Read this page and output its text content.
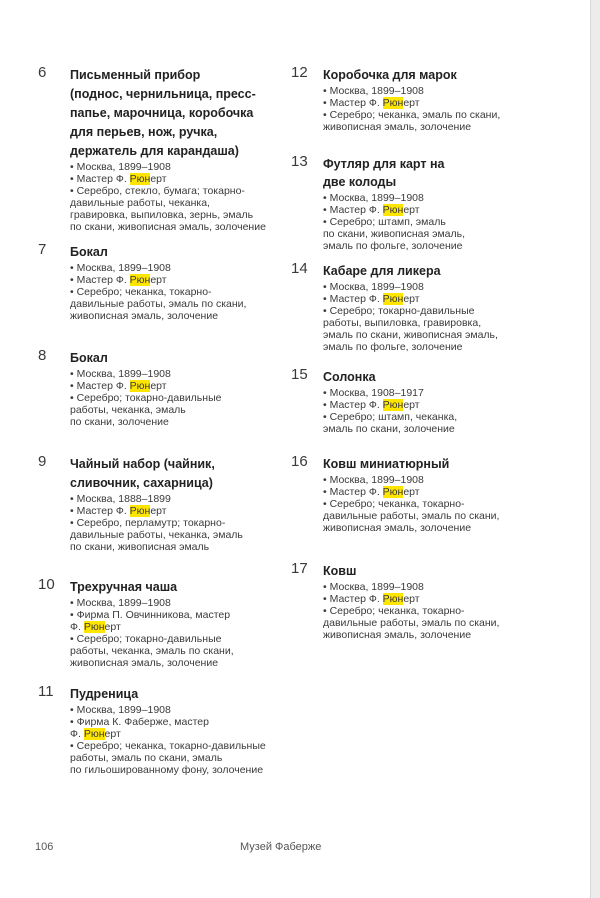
6 Письменный прибор
(поднос, чернильница, пресс-
папье, марочница, коробочка
для перьев, нож, ручка,
держатель для карандаша)
• Москва, 1899–1908
• Мастер Ф. Рюнерт
• Серебро, стекло, бумага; токарно-
давильные работы, чеканка,
гравировка, выпиловка, зернь, эмаль
по скани, живописная эмаль, золочение
7 Бокал
• Москва, 1899–1908
• Мастер Ф. Рюнерт
• Серебро; чеканка, токарно-
давильные работы, эмаль по скани,
живописная эмаль, золочение
8 Бокал
• Москва, 1899–1908
• Мастер Ф. Рюнерт
• Серебро; токарно-давильные
работы, чеканка, эмаль
по скани, золочение
9 Чайный набор (чайник,
сливочник, сахарница)
• Москва, 1888–1899
• Мастер Ф. Рюнерт
• Серебро, перламутр; токарно-
давильные работы, чеканка, эмаль
по скани, живописная эмаль
10 Трехручная чаша
• Москва, 1899–1908
• Фирма П. Овчинникова, мастер
Ф. Рюнерт
• Серебро; токарно-давильные
работы, чеканка, эмаль по скани,
живописная эмаль, золочение
11 Пудреница
• Москва, 1899–1908
• Фирма К. Фаберже, мастер
Ф. Рюнерт
• Серебро; чеканка, токарно-давильные
работы, эмаль по скани, эмаль
по гильошированному фону, золочение
12 Коробочка для марок
• Москва, 1899–1908
• Мастер Ф. Рюнерт
• Серебро; чеканка, эмаль по скани,
живописная эмаль, золочение
13 Футляр для карт на две колоды
• Москва, 1899–1908
• Мастер Ф. Рюнерт
• Серебро; штамп, эмаль
по скани, живописная эмаль,
эмаль по фольге, золочение
14 Кабаре для ликера
• Москва, 1899–1908
• Мастер Ф. Рюнерт
• Серебро; токарно-давильные
работы, выпиловка, гравировка,
эмаль по скани, живописная эмаль,
эмаль по фольге, золочение
15 Солонка
• Москва, 1908–1917
• Мастер Ф. Рюнерт
• Серебро; штамп, чеканка,
эмаль по скани, золочение
16 Ковш миниатюрный
• Москва, 1899–1908
• Мастер Ф. Рюнерт
• Серебро; чеканка, токарно-
давильные работы, эмаль по скани,
живописная эмаль, золочение
17 Ковш
• Москва, 1899–1908
• Мастер Ф. Рюнерт
• Серебро; чеканка, токарно-
давильные работы, эмаль по скани,
живописная эмаль, золочение
106	Музей Фаберже
